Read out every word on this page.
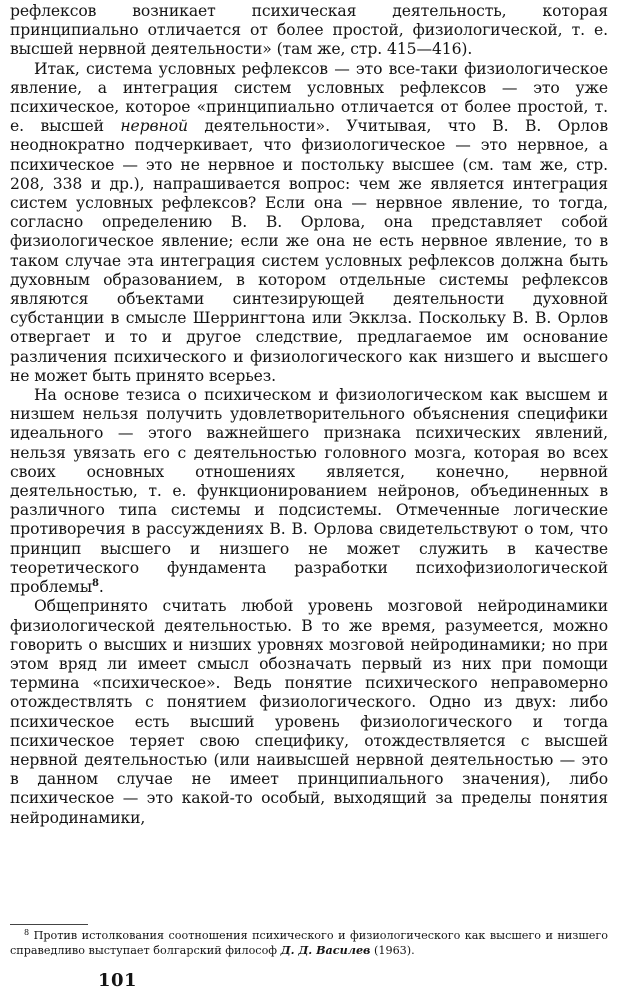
рефлексов возникает психическая деятельность, которая принципиально отличается от более простой, физиологической, т. е. высшей нервной деятельности» (там же, стр. 415—416).

Итак, система условных рефлексов — это все-таки физиологическое явление, а интеграция систем условных рефлексов — это уже психическое, которое «принципиально отличается от более простой, т. е. высшей нервной деятельности». Учитывая, что В. В. Орлов неоднократно подчеркивает, что физиологическое — это нервное, а психическое — это не нервное и постольку высшее (см. там же, стр. 208, 338 и др.), напрашивается вопрос: чем же является интеграция систем условных рефлексов? Если она — нервное явление, то тогда, согласно определению В. В. Орлова, она представляет собой физиологическое явление; если же она не есть нервное явление, то в таком случае эта интеграция систем условных рефлексов должна быть духовным образованием, в котором отдельные системы рефлексов являются объектами синтезирующей деятельности духовной субстанции в смысле Шеррингтона или Экклза. Поскольку В. В. Орлов отвергает и то и другое следствие, предлагаемое им основание различения психического и физиологического как низшего и высшего не может быть принято всерьез.

На основе тезиса о психическом и физиологическом как высшем и низшем нельзя получить удовлетворительного объяснения специфики идеального — этого важнейшего признака психических явлений, нельзя увязать его с деятельностью головного мозга, которая во всех своих основных отношениях является, конечно, нервной деятельностью, т. е. функционированием нейронов, объединенных в различного типа системы и подсистемы. Отмеченные логические противоречия в рассуждениях В. В. Орлова свидетельствуют о том, что принцип высшего и низшего не может служить в качестве теоретического фундамента разработки психофизиологической проблемы$^8$.

Общепринято считать любой уровень мозговой нейродинамики физиологической деятельностью. В то же время, разумеется, можно говорить о высших и низших уровнях мозговой нейродинамики; но при этом вряд ли имеет смысл обозначать первый из них при помощи термина «психическое». Ведь понятие психического неправомерно отождествлять с понятием физиологического. Одно из двух: либо психическое есть высший уровень физиологического и тогда психическое теряет свою специфику, отождествляется с высшей нервной деятельностью (или наивысшей нервной деятельностью — это в данном случае не имеет принципиального значения), либо психическое — это какой-то особый, выходящий за пределы понятия нейродинамики,

$^8$ Против истолкования соотношения психического и физиологического как высшего и низшего справедливо выступает болгарский философ Д. Д. Василев (1963).
101
